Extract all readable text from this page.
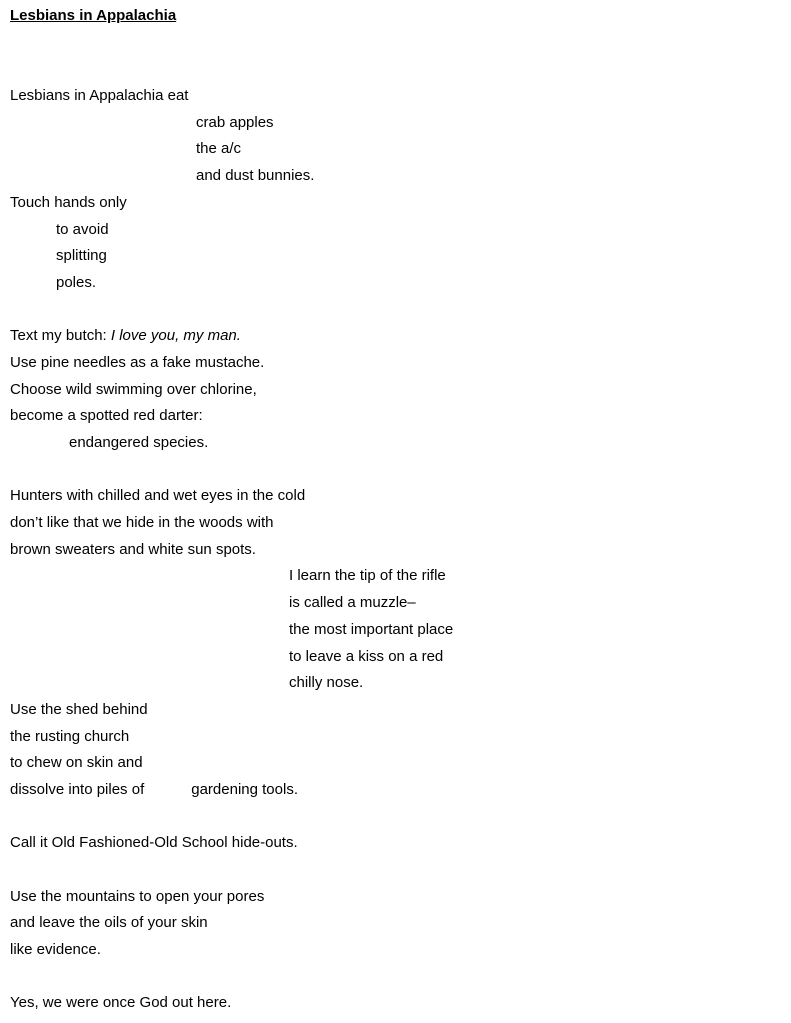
Lesbians in Appalachia
Lesbians in Appalachia eat
crab apples
the a/c
and dust bunnies.
Touch hands only
to avoid
splitting
poles.
Text my butch: I love you, my man.
Use pine needles as a fake mustache.
Choose wild swimming over chlorine,
become a spotted red darter:
endangered species.
Hunters with chilled and wet eyes in the cold
don’t like that we hide in the woods with
brown sweaters and white sun spots.
I learn the tip of the rifle
is called a muzzle–
the most important place
to leave a kiss on a red
chilly nose.
Use the shed behind
the rusting church
to chew on skin and
dissolve into piles of	gardening tools.
Call it Old Fashioned-Old School hide-outs.
Use the mountains to open your pores
and leave the oils of your skin
like evidence.
Yes, we were once God out here.
